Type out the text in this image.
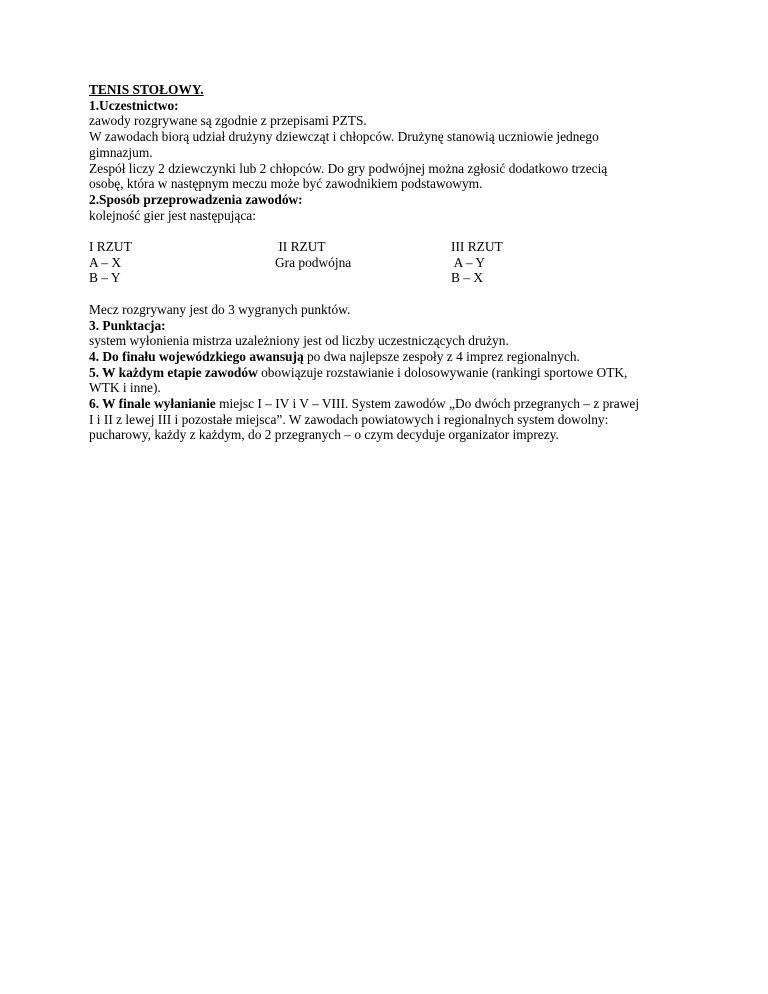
TENIS STOŁOWY.
1.Uczestnictwo:
zawody rozgrywane są zgodnie z przepisami PZTS.
W zawodach biorą udział drużyny dziewcząt i chłopców. Drużynę stanowią uczniowie jednego
gimnazjum.
Zespół liczy 2 dziewczynki lub 2 chłopców. Do gry podwójnej można zgłosić dodatkowo trzecią
osobę, która w następnym meczu może być zawodnikiem podstawowym.
2.Sposób przeprowadzenia zawodów:
kolejność gier jest następująca:
I RZUT
A – X
B – Y
II RZUT
Gra podwójna
III RZUT
A – Y
B – X
Mecz rozgrywany jest do 3 wygranych punktów.
3. Punktacja:
system wyłonienia mistrza uzależniony jest od liczby uczestniczących drużyn.
4. Do finału wojewódzkiego awansują po dwa najlepsze zespoły z 4 imprez regionalnych.
5. W każdym etapie zawodów obowiązuje rozstawianie i dolosowywanie (rankingi sportowe OTK,
WTK i inne).
6. W finale wyłanianie miejsc I – IV i V – VIII. System zawodów „Do dwóch przegranych – z prawej
I i II z lewej III i pozostałe miejsca”. W zawodach powiatowych i regionalnych system dowolny:
pucharowy, każdy z każdym, do 2 przegranych – o czym decyduje organizator imprezy.
